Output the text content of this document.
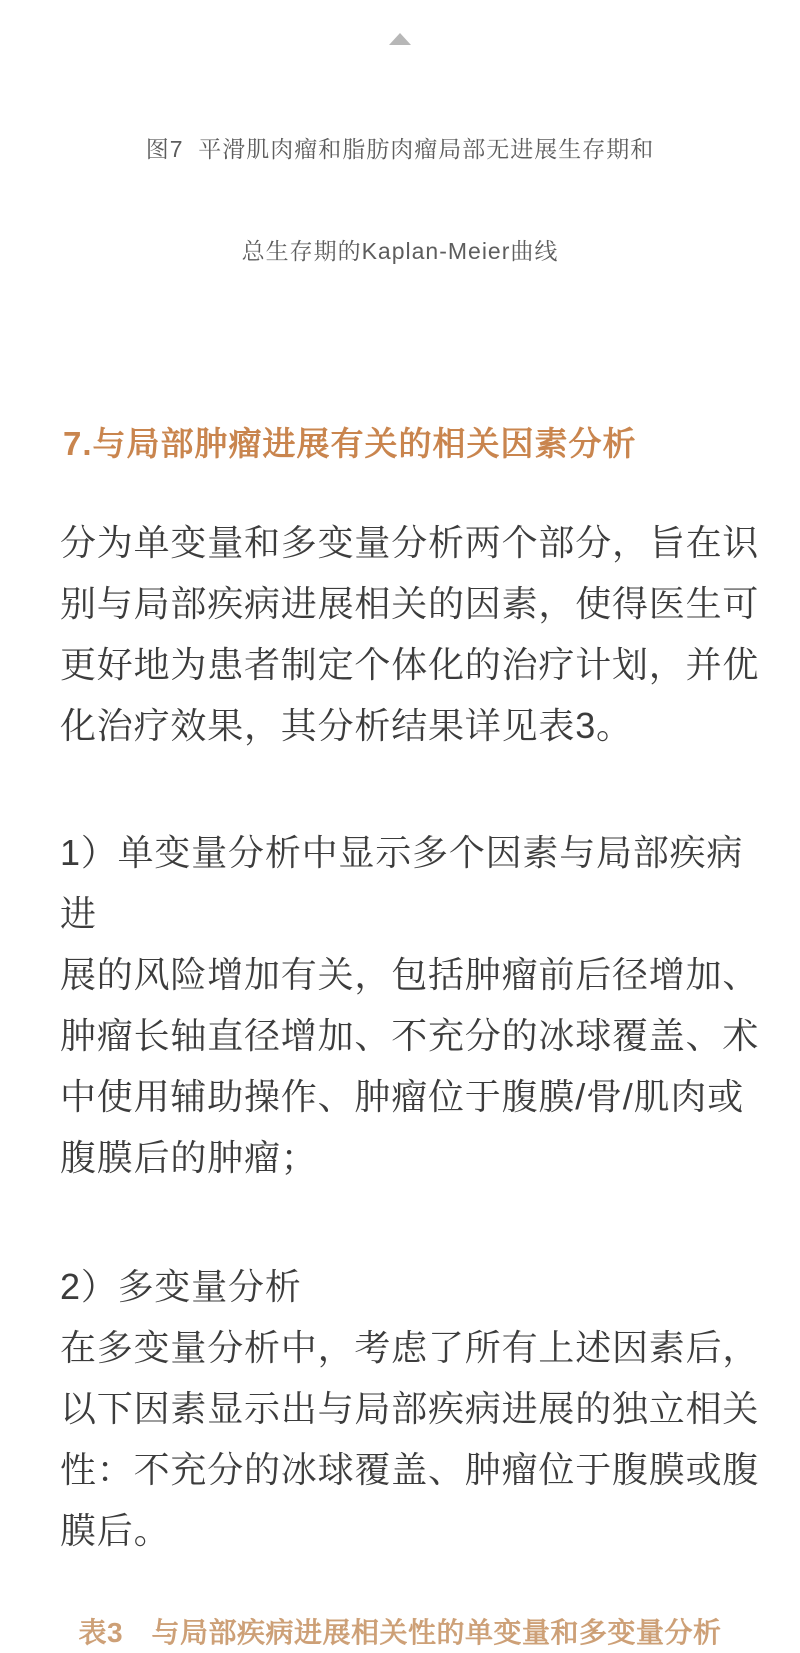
图7  平滑肌肉瘤和脂肪肉瘤局部无进展生存期和

总生存期的Kaplan-Meier曲线

7.与局部肿瘤进展有关的相关因素分析
分为单变量和多变量分析两个部分，旨在识
别与局部疾病进展相关的因素，使得医生可
更好地为患者制定个体化的治疗计划，并优
化治疗效果，其分析结果详见表3。
1）单变量分析中显示多个因素与局部疾病进
展的风险增加有关，包括肿瘤前后径增加、
肿瘤长轴直径增加、不充分的冰球覆盖、术
中使用辅助操作、肿瘤位于腹膜/骨/肌肉或
腹膜后的肿瘤；
2）多变量分析
在多变量分析中，考虑了所有上述因素后，
以下因素显示出与局部疾病进展的独立相关
性：不充分的冰球覆盖、肿瘤位于腹膜或腹
膜后。
表3　与局部疾病进展相关性的单变量和多变量分析
